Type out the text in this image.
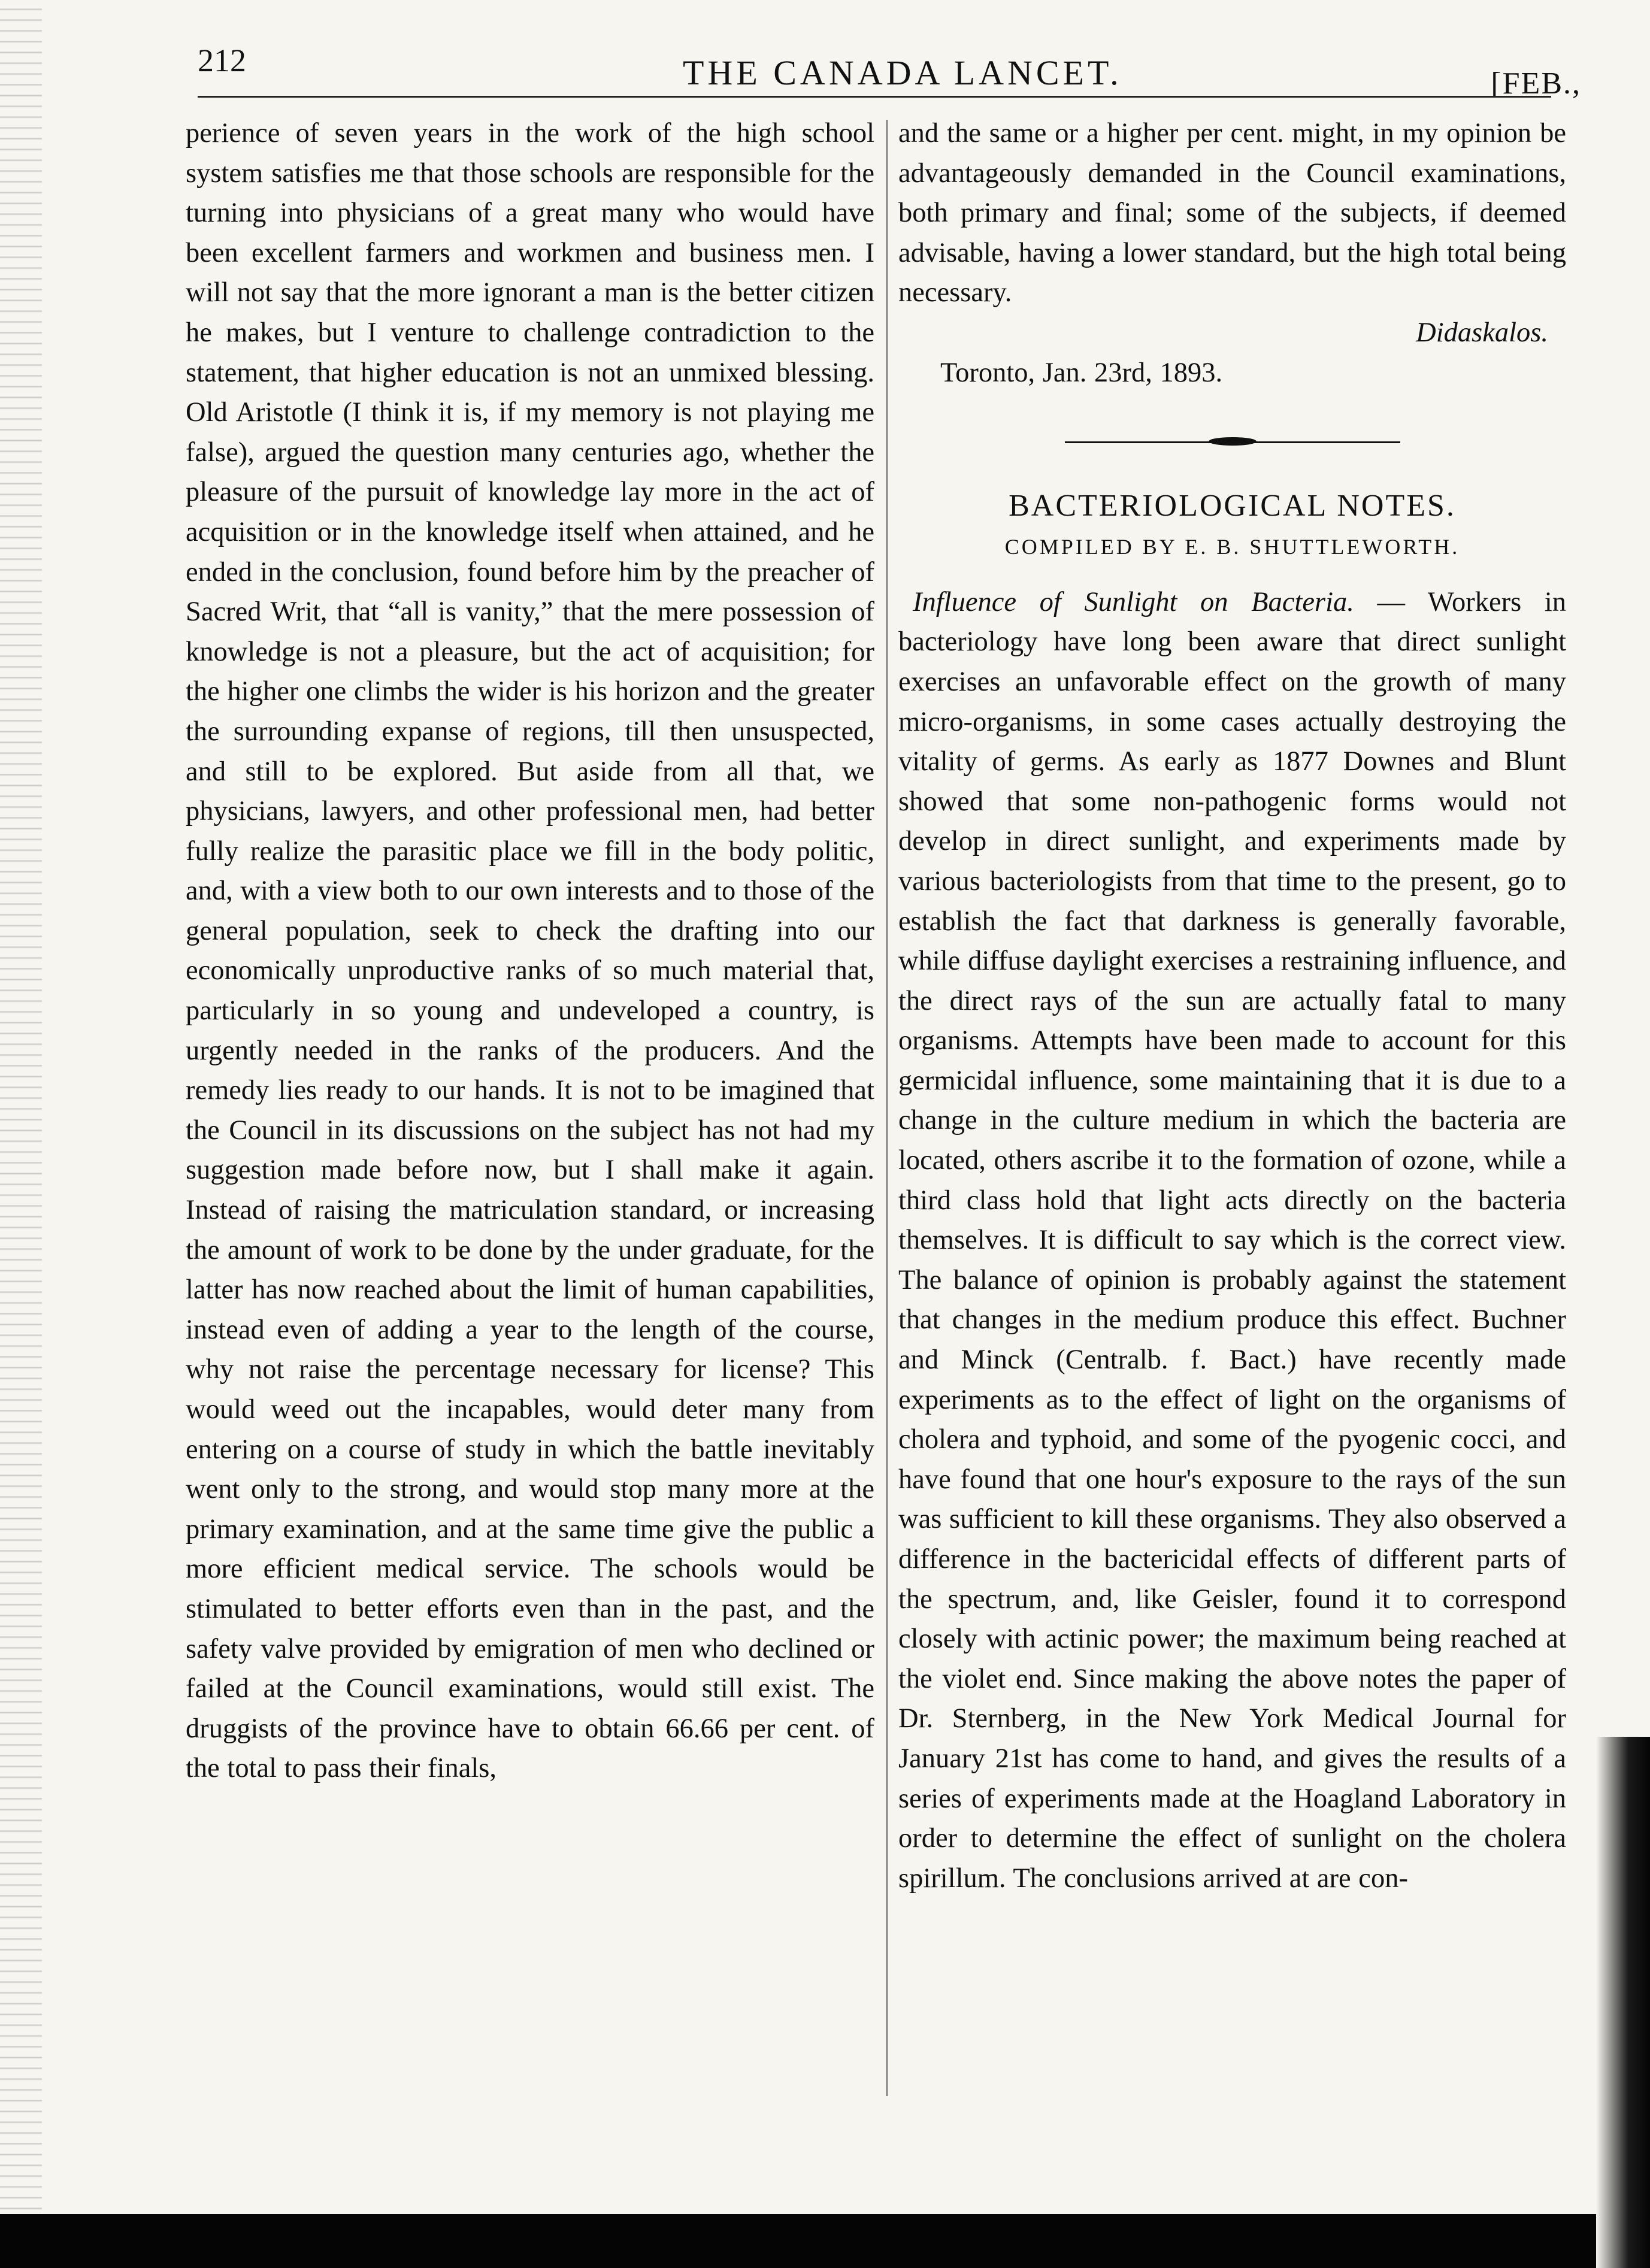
212	THE CANADA LANCET.	[FEB.,

perience of seven years in the work of the high school system satisfies me that those schools are responsible for the turning into physicians of a great many who would have been excellent farmers and workmen and business men. I will not say that the more ignorant a man is the better citizen he makes, but I venture to challenge contradiction to the statement, that higher education is not an unmixed blessing. Old Aristotle (I think it is, if my memory is not playing me false), argued the question many centuries ago, whether the pleasure of the pursuit of knowledge lay more in the act of acquisition or in the knowledge itself when attained, and he ended in the conclusion, found before him by the preacher of Sacred Writ, that “all is vanity,” that the mere possession of knowledge is not a pleasure, but the act of acquisition; for the higher one climbs the wider is his horizon and the greater the surrounding expanse of regions, till then unsuspected, and still to be explored. But aside from all that, we physicians, lawyers, and other professional men, had better fully realize the parasitic place we fill in the body politic, and, with a view both to our own interests and to those of the general population, seek to check the drafting into our economically unproductive ranks of so much material that, particularly in so young and undeveloped a country, is urgently needed in the ranks of the producers. And the remedy lies ready to our hands. It is not to be imagined that the Council in its discussions on the subject has not had my suggestion made before now, but I shall make it again. Instead of raising the matriculation standard, or increasing the amount of work to be done by the under graduate, for the latter has now reached about the limit of human capabilities, instead even of adding a year to the length of the course, why not raise the percentage necessary for license? This would weed out the incapables, would deter many from entering on a course of study in which the battle inevitably went only to the strong, and would stop many more at the primary examination, and at the same time give the public a more efficient medical service. The schools would be stimulated to better efforts even than in the past, and the safety valve provided by emigration of men who declined or failed at the Council examinations, would still exist. The druggists of the province have to obtain 66.66 per cent. of the total to pass their finals,

and the same or a higher per cent. might, in my opinion be advantageously demanded in the Council examinations, both primary and final; some of the subjects, if deemed advisable, having a lower standard, but the high total being necessary.

Didaskalos.

Toronto, Jan. 23rd, 1893.

BACTERIOLOGICAL NOTES.
COMPILED BY E. B. SHUTTLEWORTH.

Influence of Sunlight on Bacteria. — Workers in bacteriology have long been aware that direct sunlight exercises an unfavorable effect on the growth of many micro-organisms, in some cases actually destroying the vitality of germs. As early as 1877 Downes and Blunt showed that some non-pathogenic forms would not develop in direct sunlight, and experiments made by various bacteriologists from that time to the present, go to establish the fact that darkness is generally favorable, while diffuse daylight exercises a restraining influence, and the direct rays of the sun are actually fatal to many organisms. Attempts have been made to account for this germicidal influence, some maintaining that it is due to a change in the culture medium in which the bacteria are located, others ascribe it to the formation of ozone, while a third class hold that light acts directly on the bacteria themselves. It is difficult to say which is the correct view. The balance of opinion is probably against the statement that changes in the medium produce this effect. Buchner and Minck (Centralb. f. Bact.) have recently made experiments as to the effect of light on the organisms of cholera and typhoid, and some of the pyogenic cocci, and have found that one hour's exposure to the rays of the sun was sufficient to kill these organisms. They also observed a difference in the bactericidal effects of different parts of the spectrum, and, like Geisler, found it to correspond closely with actinic power; the maximum being reached at the violet end. Since making the above notes the paper of Dr. Sternberg, in the New York Medical Journal for January 21st has come to hand, and gives the results of a series of experiments made at the Hoagland Laboratory in order to determine the effect of sunlight on the cholera spirillum. The conclusions arrived at are con-
